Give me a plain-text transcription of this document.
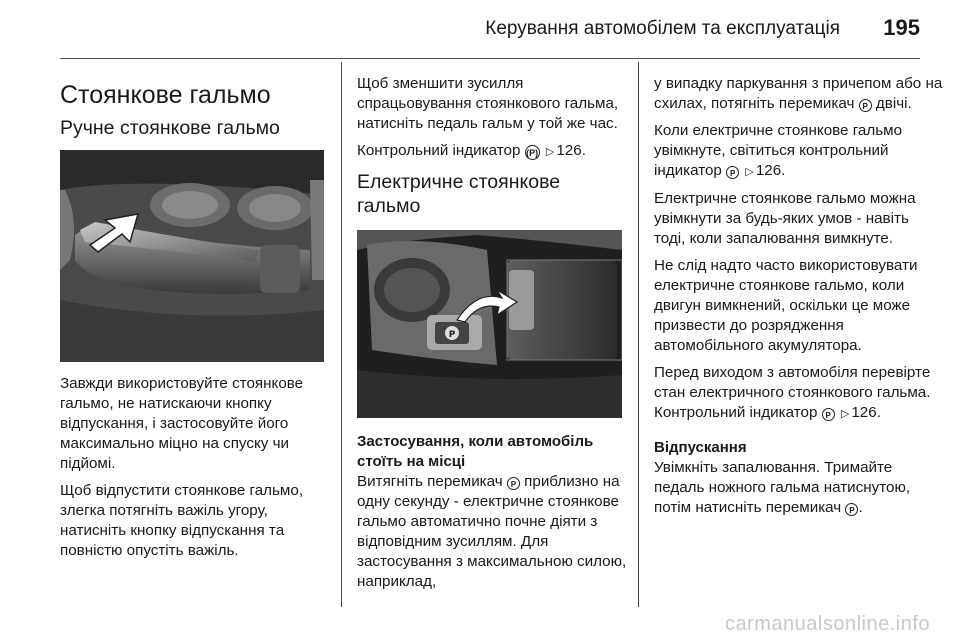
Керування автомобілем та експлуатація 195
Стоянкове гальмо
Ручне стоянкове гальмо

Завжди використовуйте стоянкове гальмо, не натискаючи кнопку відпускання, і застосовуйте його максимально міцно на спуску чи підйомі.

Щоб відпустити стоянкове гальмо, злегка потягніть важіль угору, натисніть кнопку відпускання та повністю опустіть важіль.

Щоб зменшити зусилля спрацьовування стоянкового гальма, натисніть педаль гальм у той же час.

Контрольний індикатор (P) ▷ 126.

Електричне стоянкове гальмо
P
Застосування, коли автомобіль стоїть на місці

Витягніть перемикач P приблизно на одну секунду - електричне стоянкове гальмо автоматично почне діяти з відповідним зусиллям. Для застосування з максимальною силою, наприклад,

у випадку паркування з причепом або на схилах, потягніть перемикач P двічі.

Коли електричне стоянкове гальмо увімкнуте, світиться контрольний індикатор P ▷ 126.

Електричне стоянкове гальмо можна увімкнути за будь-яких умов - навіть тоді, коли запалювання вимкнуте.

Не слід надто часто використовувати електричне стоянкове гальмо, коли двигун вимкнений, оскільки це може призвести до розрядження автомобільного акумулятора.

Перед виходом з автомобіля перевірте стан електричного стоянкового гальма. Контрольний індикатор P ▷ 126.

Відпускання

Увімкніть запалювання. Тримайте педаль ножного гальма натиснутою, потім натисніть перемикач P .

carmanualsonline.info
